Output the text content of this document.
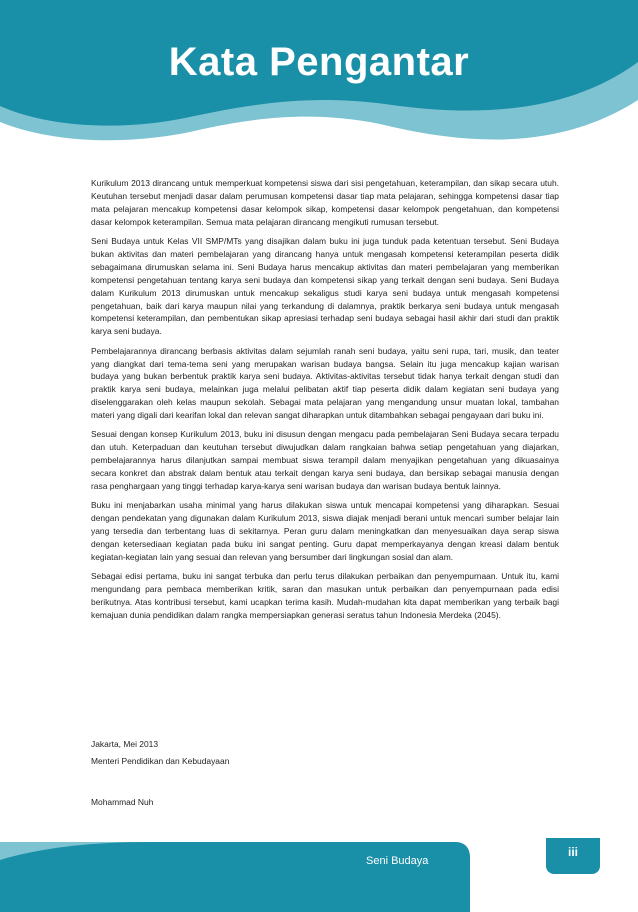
Kata Pengantar

Kurikulum 2013 dirancang untuk memperkuat kompetensi siswa dari sisi pengetahuan, keterampilan, dan sikap secara utuh. Keutuhan tersebut menjadi dasar dalam perumusan kompetensi dasar tiap mata pelajaran, sehingga kompetensi dasar tiap mata pelajaran mencakup kompetensi dasar kelompok sikap, kompetensi dasar kelompok pengetahuan, dan kompetensi dasar kelompok keterampilan. Semua mata pelajaran dirancang mengikuti rumusan tersebut.

Seni Budaya untuk Kelas VII SMP/MTs yang disajikan dalam buku ini juga tunduk pada ketentuan tersebut. Seni Budaya bukan aktivitas dan materi pembelajaran yang dirancang hanya untuk mengasah kompetensi keterampilan peserta didik sebagaimana dirumuskan selama ini. Seni Budaya harus mencakup aktivitas dan materi pembelajaran yang memberikan kompetensi pengetahuan tentang karya seni budaya dan kompetensi sikap yang terkait dengan seni budaya. Seni Budaya dalam Kurikulum 2013 dirumuskan untuk mencakup sekaligus studi karya seni budaya untuk mengasah kompetensi pengetahuan, baik dari karya maupun nilai yang terkandung di dalamnya, praktik berkarya seni budaya untuk mengasah kompetensi keterampilan, dan pembentukan sikap apresiasi terhadap seni budaya sebagai hasil akhir dari studi dan praktik karya seni budaya.

Pembelajarannya dirancang berbasis aktivitas dalam sejumlah ranah seni budaya, yaitu seni rupa, tari, musik, dan teater yang diangkat dari tema-tema seni yang merupakan warisan budaya bangsa. Selain itu juga mencakup kajian warisan budaya yang bukan berbentuk praktik karya seni budaya. Aktivitas-aktivitas tersebut tidak hanya terkait dengan studi dan praktik karya seni budaya, melainkan juga melalui pelibatan aktif tiap peserta didik dalam kegiatan seni budaya yang diselenggarakan oleh kelas maupun sekolah. Sebagai mata pelajaran yang mengandung unsur muatan lokal, tambahan materi yang digali dari kearifan lokal dan relevan sangat diharapkan untuk ditambahkan sebagai pengayaan dari buku ini.

Sesuai dengan konsep Kurikulum 2013, buku ini disusun dengan mengacu pada pembelajaran Seni Budaya secara terpadu dan utuh. Keterpaduan dan keutuhan tersebut diwujudkan dalam rangkaian bahwa setiap pengetahuan yang diajarkan, pembelajarannya harus dilanjutkan sampai membuat siswa terampil dalam menyajikan pengetahuan yang dikuasainya secara konkret dan abstrak dalam bentuk atau terkait dengan karya seni budaya, dan bersikap sebagai manusia dengan rasa penghargaan yang tinggi terhadap karya-karya seni warisan budaya dan warisan budaya bentuk lainnya.

Buku ini menjabarkan usaha minimal yang harus dilakukan siswa untuk mencapai kompetensi yang diharapkan. Sesuai dengan pendekatan yang digunakan dalam Kurikulum 2013, siswa diajak menjadi berani untuk mencari sumber belajar lain yang tersedia dan terbentang luas di sekitarnya. Peran guru dalam meningkatkan dan menyesuaikan daya serap siswa dengan ketersediaan kegiatan pada buku ini sangat penting. Guru dapat memperkayanya dengan kreasi dalam bentuk kegiatan-kegiatan lain yang sesuai dan relevan yang bersumber dari lingkungan sosial dan alam.

Sebagai edisi pertama, buku ini sangat terbuka dan perlu terus dilakukan perbaikan dan penyempurnaan. Untuk itu, kami mengundang para pembaca memberikan kritik, saran dan masukan untuk perbaikan dan penyempurnaan pada edisi berikutnya. Atas kontribusi tersebut, kami ucapkan terima kasih. Mudah-mudahan kita dapat memberikan yang terbaik bagi kemajuan dunia pendidikan dalam rangka mempersiapkan generasi seratus tahun Indonesia Merdeka (2045).

Jakarta, Mei 2013
Menteri Pendidikan dan Kebudayaan
Mohammad Nuh
Seni Budaya
iii
